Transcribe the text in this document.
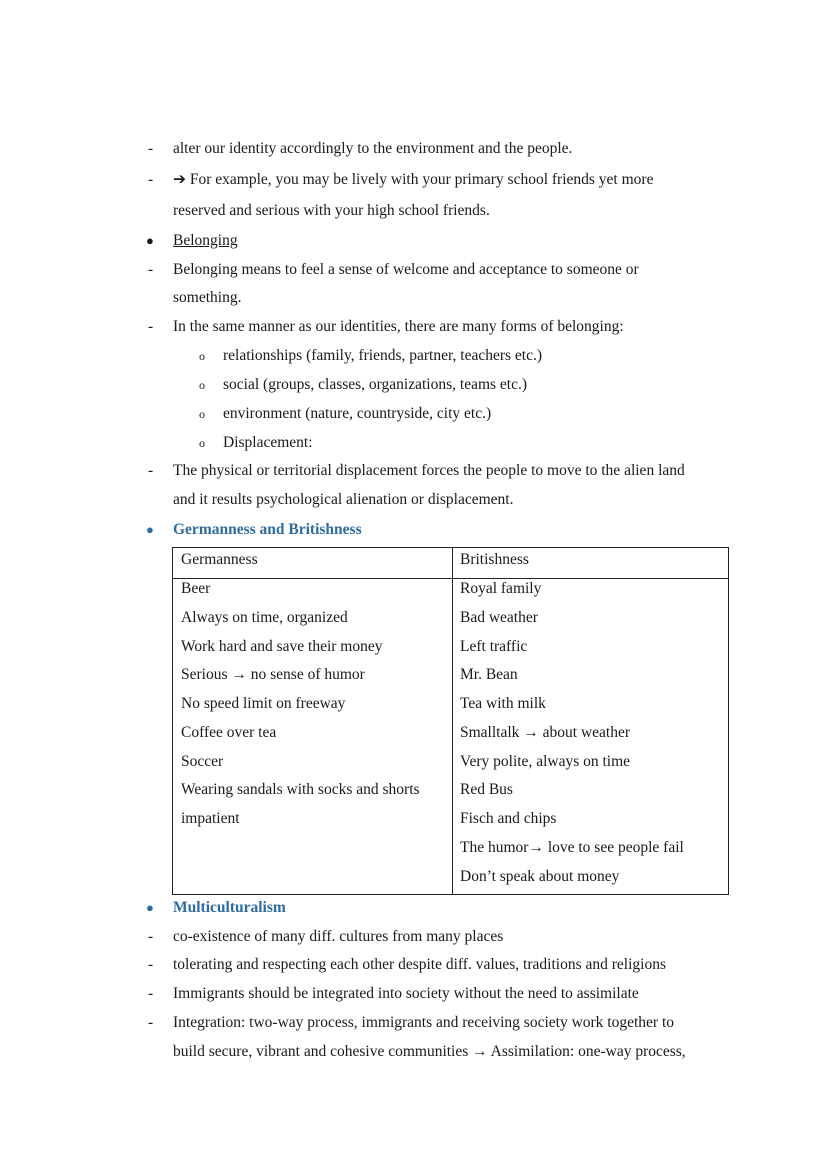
- alter our identity accordingly to the environment and the people.
- ➔ For example, you may be lively with your primary school friends yet more
reserved and serious with your high school friends.
● Belonging
- Belonging means to feel a sense of welcome and acceptance to someone or
something.
- In the same manner as our identities, there are many forms of belonging:
o relationships (family, friends, partner, teachers etc.)
o social (groups, classes, organizations, teams etc.)
o environment (nature, countryside, city etc.)
o Displacement:
- The physical or territorial displacement forces the people to move to the alien land
and it results psychological alienation or displacement.
● Germanness and Britishness
Germanness	Britishness
Beer
Always on time, organized
Work hard and save their money
Serious → no sense of humor
No speed limit on freeway
Coffee over tea
Soccer
Wearing sandals with socks and shorts
impatient
Royal family
Bad weather
Left traffic
Mr. Bean
Tea with milk
Smalltalk → about weather
Very polite, always on time
Red Bus
Fisch and chips
The humor→ love to see people fail
Don’t speak about money
● Multiculturalism
- co-existence of many diff. cultures from many places
- tolerating and respecting each other despite diff. values, traditions and religions
- Immigrants should be integrated into society without the need to assimilate
- Integration: two-way process, immigrants and receiving society work together to
build secure, vibrant and cohesive communities → Assimilation: one-way process,
